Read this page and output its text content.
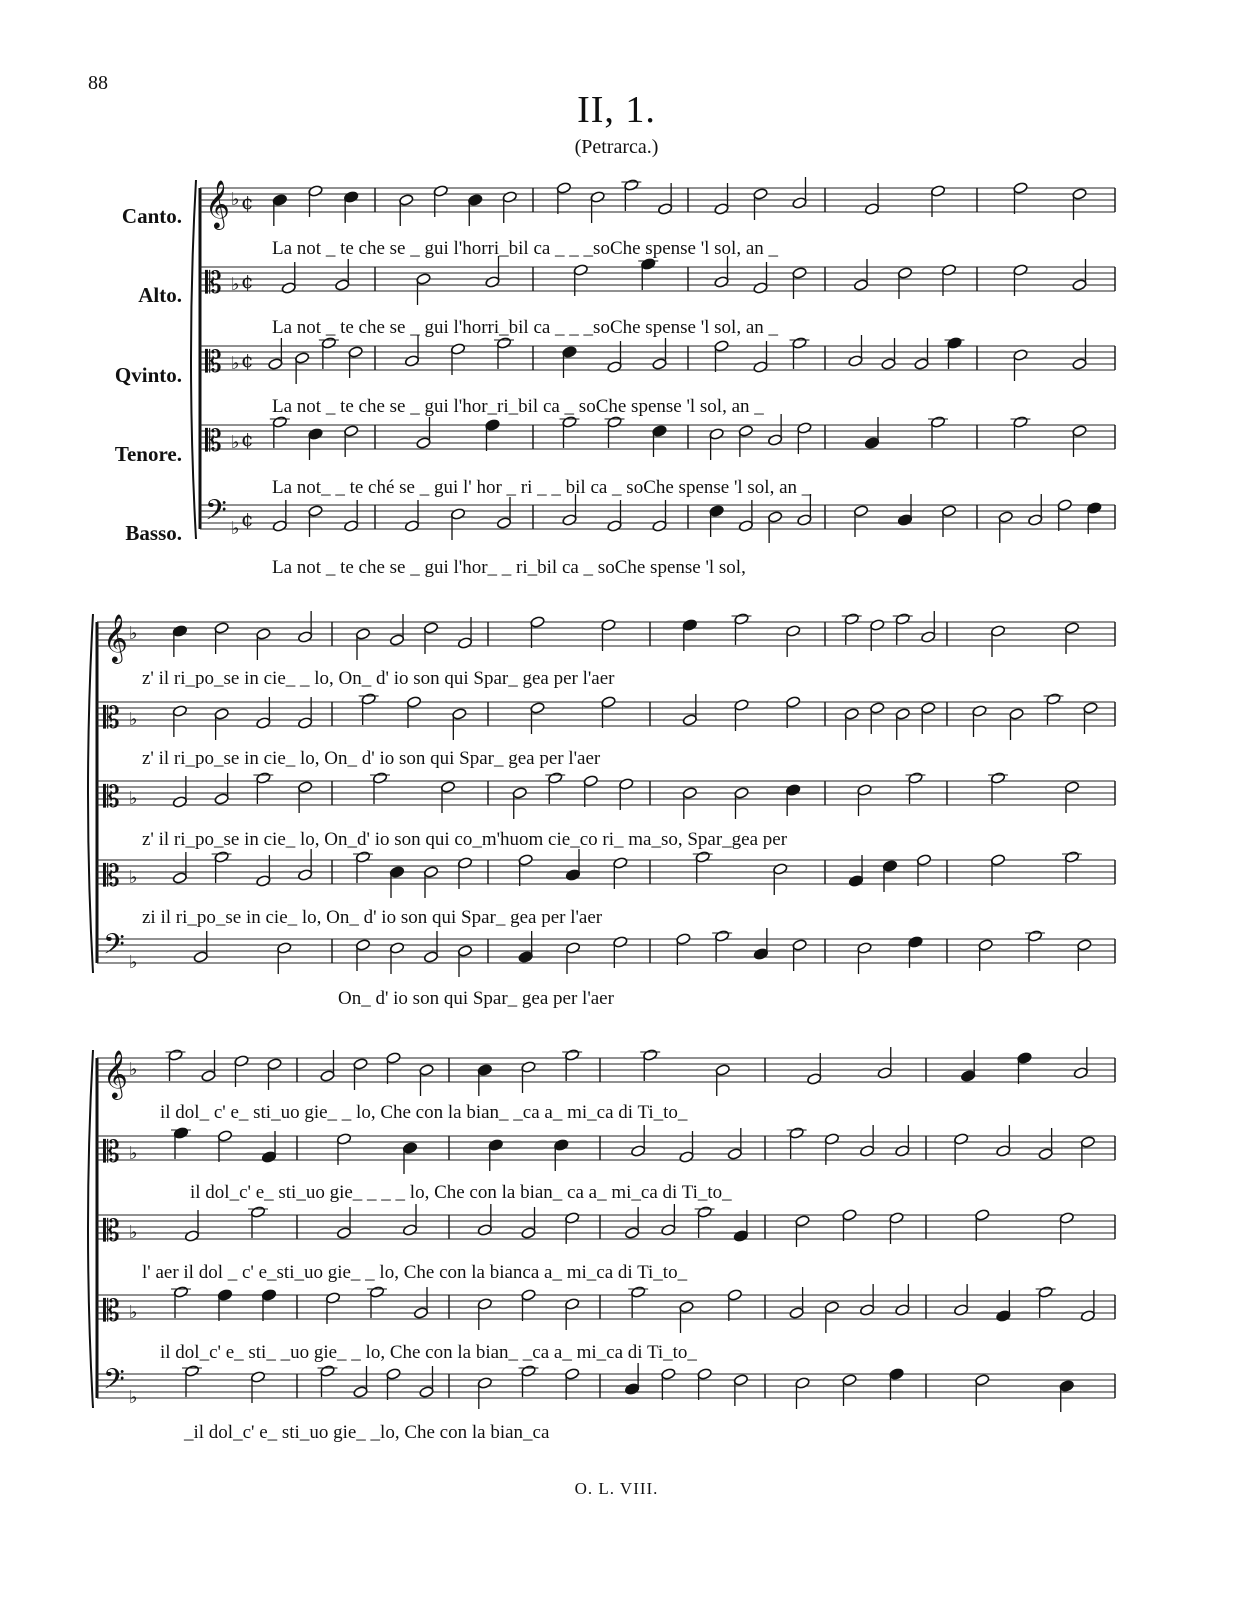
88
II, 1.
(Petrarca.)
Canto.
Alto.
Qvinto.
Tenore.
Basso.
La not _ te che se _ gui l'horri_bil ca _ _ _soChe spense 'l sol, an _
La not _ te che se _ gui l'horri_bil ca _ _ _soChe spense 'l sol, an _
La not _ te che se _ gui l'hor_ri_bil ca _ soChe spense 'l sol, an _
La not_ _ te ché se _ gui l' hor _ ri _ _ bil ca _ soChe spense 'l sol, an _
La not _ te che se _ gui l'hor_ _ ri_bil ca _ soChe spense 'l sol,
z' il ri_po_se in cie_ _ lo, On_ d' io son qui Spar_ gea per l'aer
z' il ri_po_se in cie_ lo, On_ d' io son qui Spar_ gea per l'aer
z' il ri_po_se in cie_ lo, On_d' io son qui co_m'huom cie_co ri_ ma_so, Spar_gea per
zi il ri_po_se in cie_ lo, On_ d' io son qui Spar_ gea per l'aer
On_ d' io son qui Spar_ gea per l'aer
il dol_ c' e_ sti_uo gie_ _ lo, Che con la bian_ _ca a_ mi_ca di Ti_to_
il dol_c' e_ sti_uo gie_ _ _ _ lo, Che con la bian_ ca a_ mi_ca di Ti_to_
l' aer il dol _ c' e_sti_uo gie_ _ lo, Che con la bianca a_ mi_ca di Ti_to_
il dol_c' e_ sti_ _uo gie_ _ lo, Che con la bian_ _ca a_ mi_ca di Ti_to_
_il dol_c' e_ sti_uo gie_ _lo, Che con la bian_ca
O. L. VIII.
𝄞 ♭ ¢
𝄡 ♭ ¢
𝄡 ♭ ¢
𝄡 ♭ ¢
𝄢 ♭ ¢
𝄞 ♭
𝄡 ♭
𝄡 ♭
𝄡 ♭
𝄢 ♭
𝄞 ♭
𝄡 ♭
𝄡 ♭
𝄡 ♭
𝄢 ♭
